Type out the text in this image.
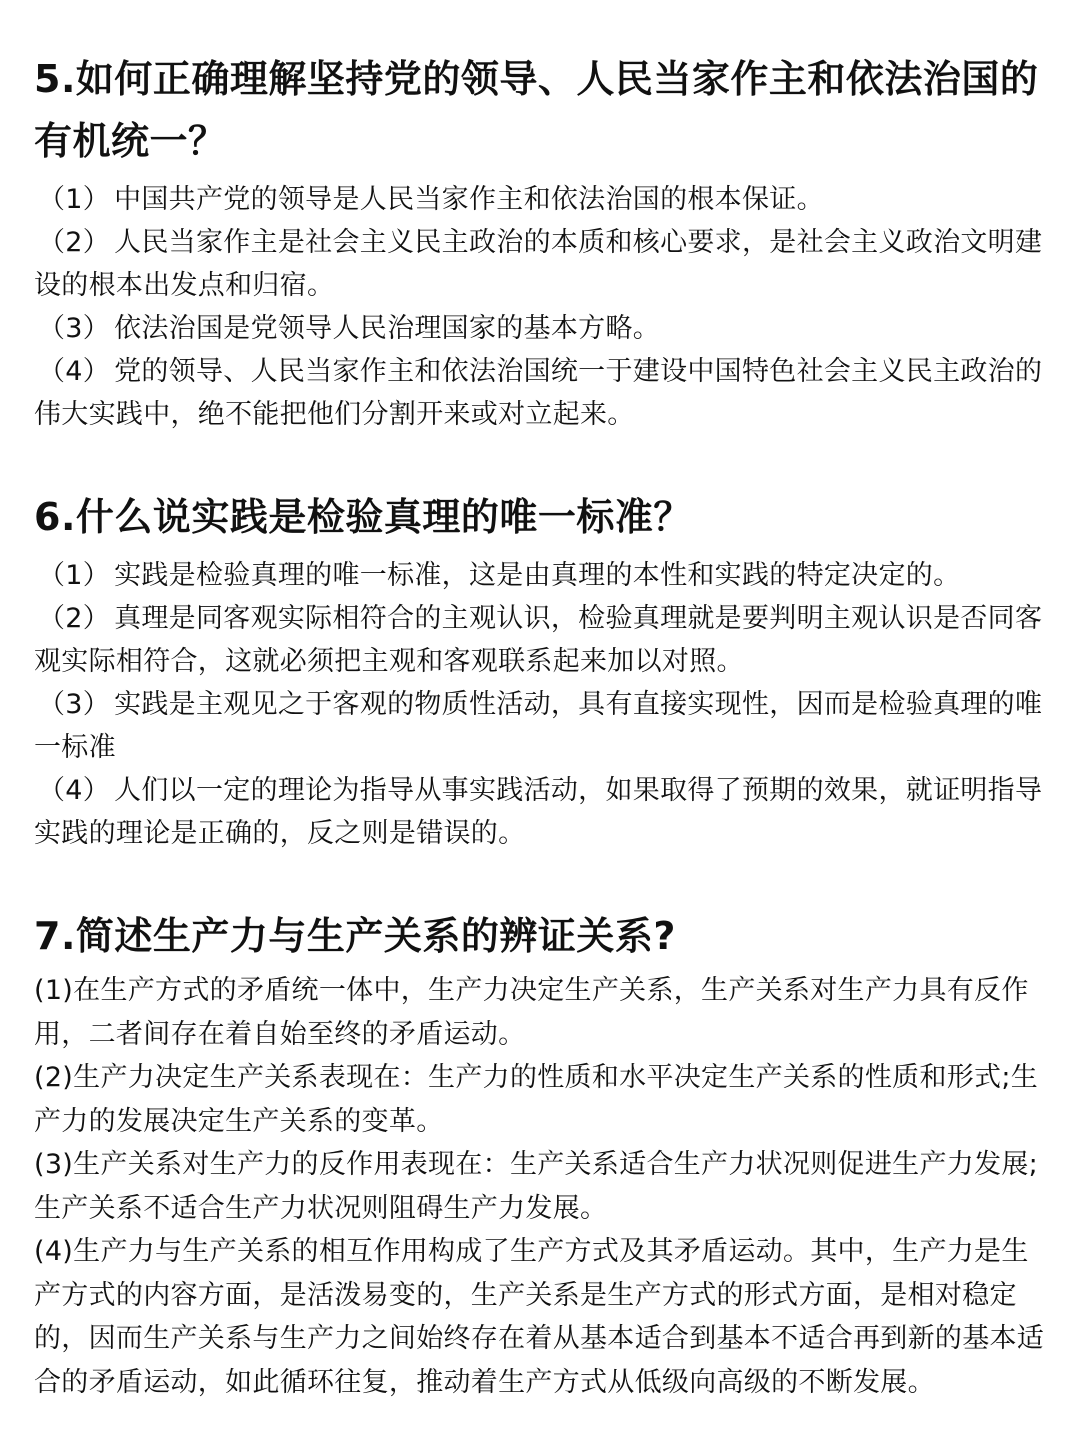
5.如何正确理解坚持党的领导、人民当家作主和依法治国的有机统一？

（1） 中国共产党的领导是人民当家作主和依法治国的根本保证。

（2） 人民当家作主是社会主义民主政治的本质和核心要求，是社会主义政治文明建设的根本出发点和归宿。

（3） 依法治国是党领导人民治理国家的基本方略。

（4） 党的领导、人民当家作主和依法治国统一于建设中国特色社会主义民主政治的伟大实践中，绝不能把他们分割开来或对立起来。

6.什么说实践是检验真理的唯一标准？

（1） 实践是检验真理的唯一标准，这是由真理的本性和实践的特定决定的。

（2） 真理是同客观实际相符合的主观认识，检验真理就是要判明主观认识是否同客观实际相符合，这就必须把主观和客观联系起来加以对照。

（3） 实践是主观见之于客观的物质性活动，具有直接实现性，因而是检验真理的唯一标准

（4） 人们以一定的理论为指导从事实践活动，如果取得了预期的效果，就证明指导实践的理论是正确的，反之则是错误的。

7.简述生产力与生产关系的辨证关系?

(1)在生产方式的矛盾统一体中，生产力决定生产关系，生产关系对生产力具有反作用，二者间存在着自始至终的矛盾运动。

(2)生产力决定生产关系表现在：生产力的性质和水平决定生产关系的性质和形式;生产力的发展决定生产关系的变革。

(3)生产关系对生产力的反作用表现在：生产关系适合生产力状况则促进生产力发展;生产关系不适合生产力状况则阻碍生产力发展。

(4)生产力与生产关系的相互作用构成了生产方式及其矛盾运动。其中，生产力是生产方式的内容方面，是活泼易变的，生产关系是生产方式的形式方面，是相对稳定的，因而生产关系与生产力之间始终存在着从基本适合到基本不适合再到新的基本适合的矛盾运动，如此循环往复，推动着生产方式从低级向高级的不断发展。
